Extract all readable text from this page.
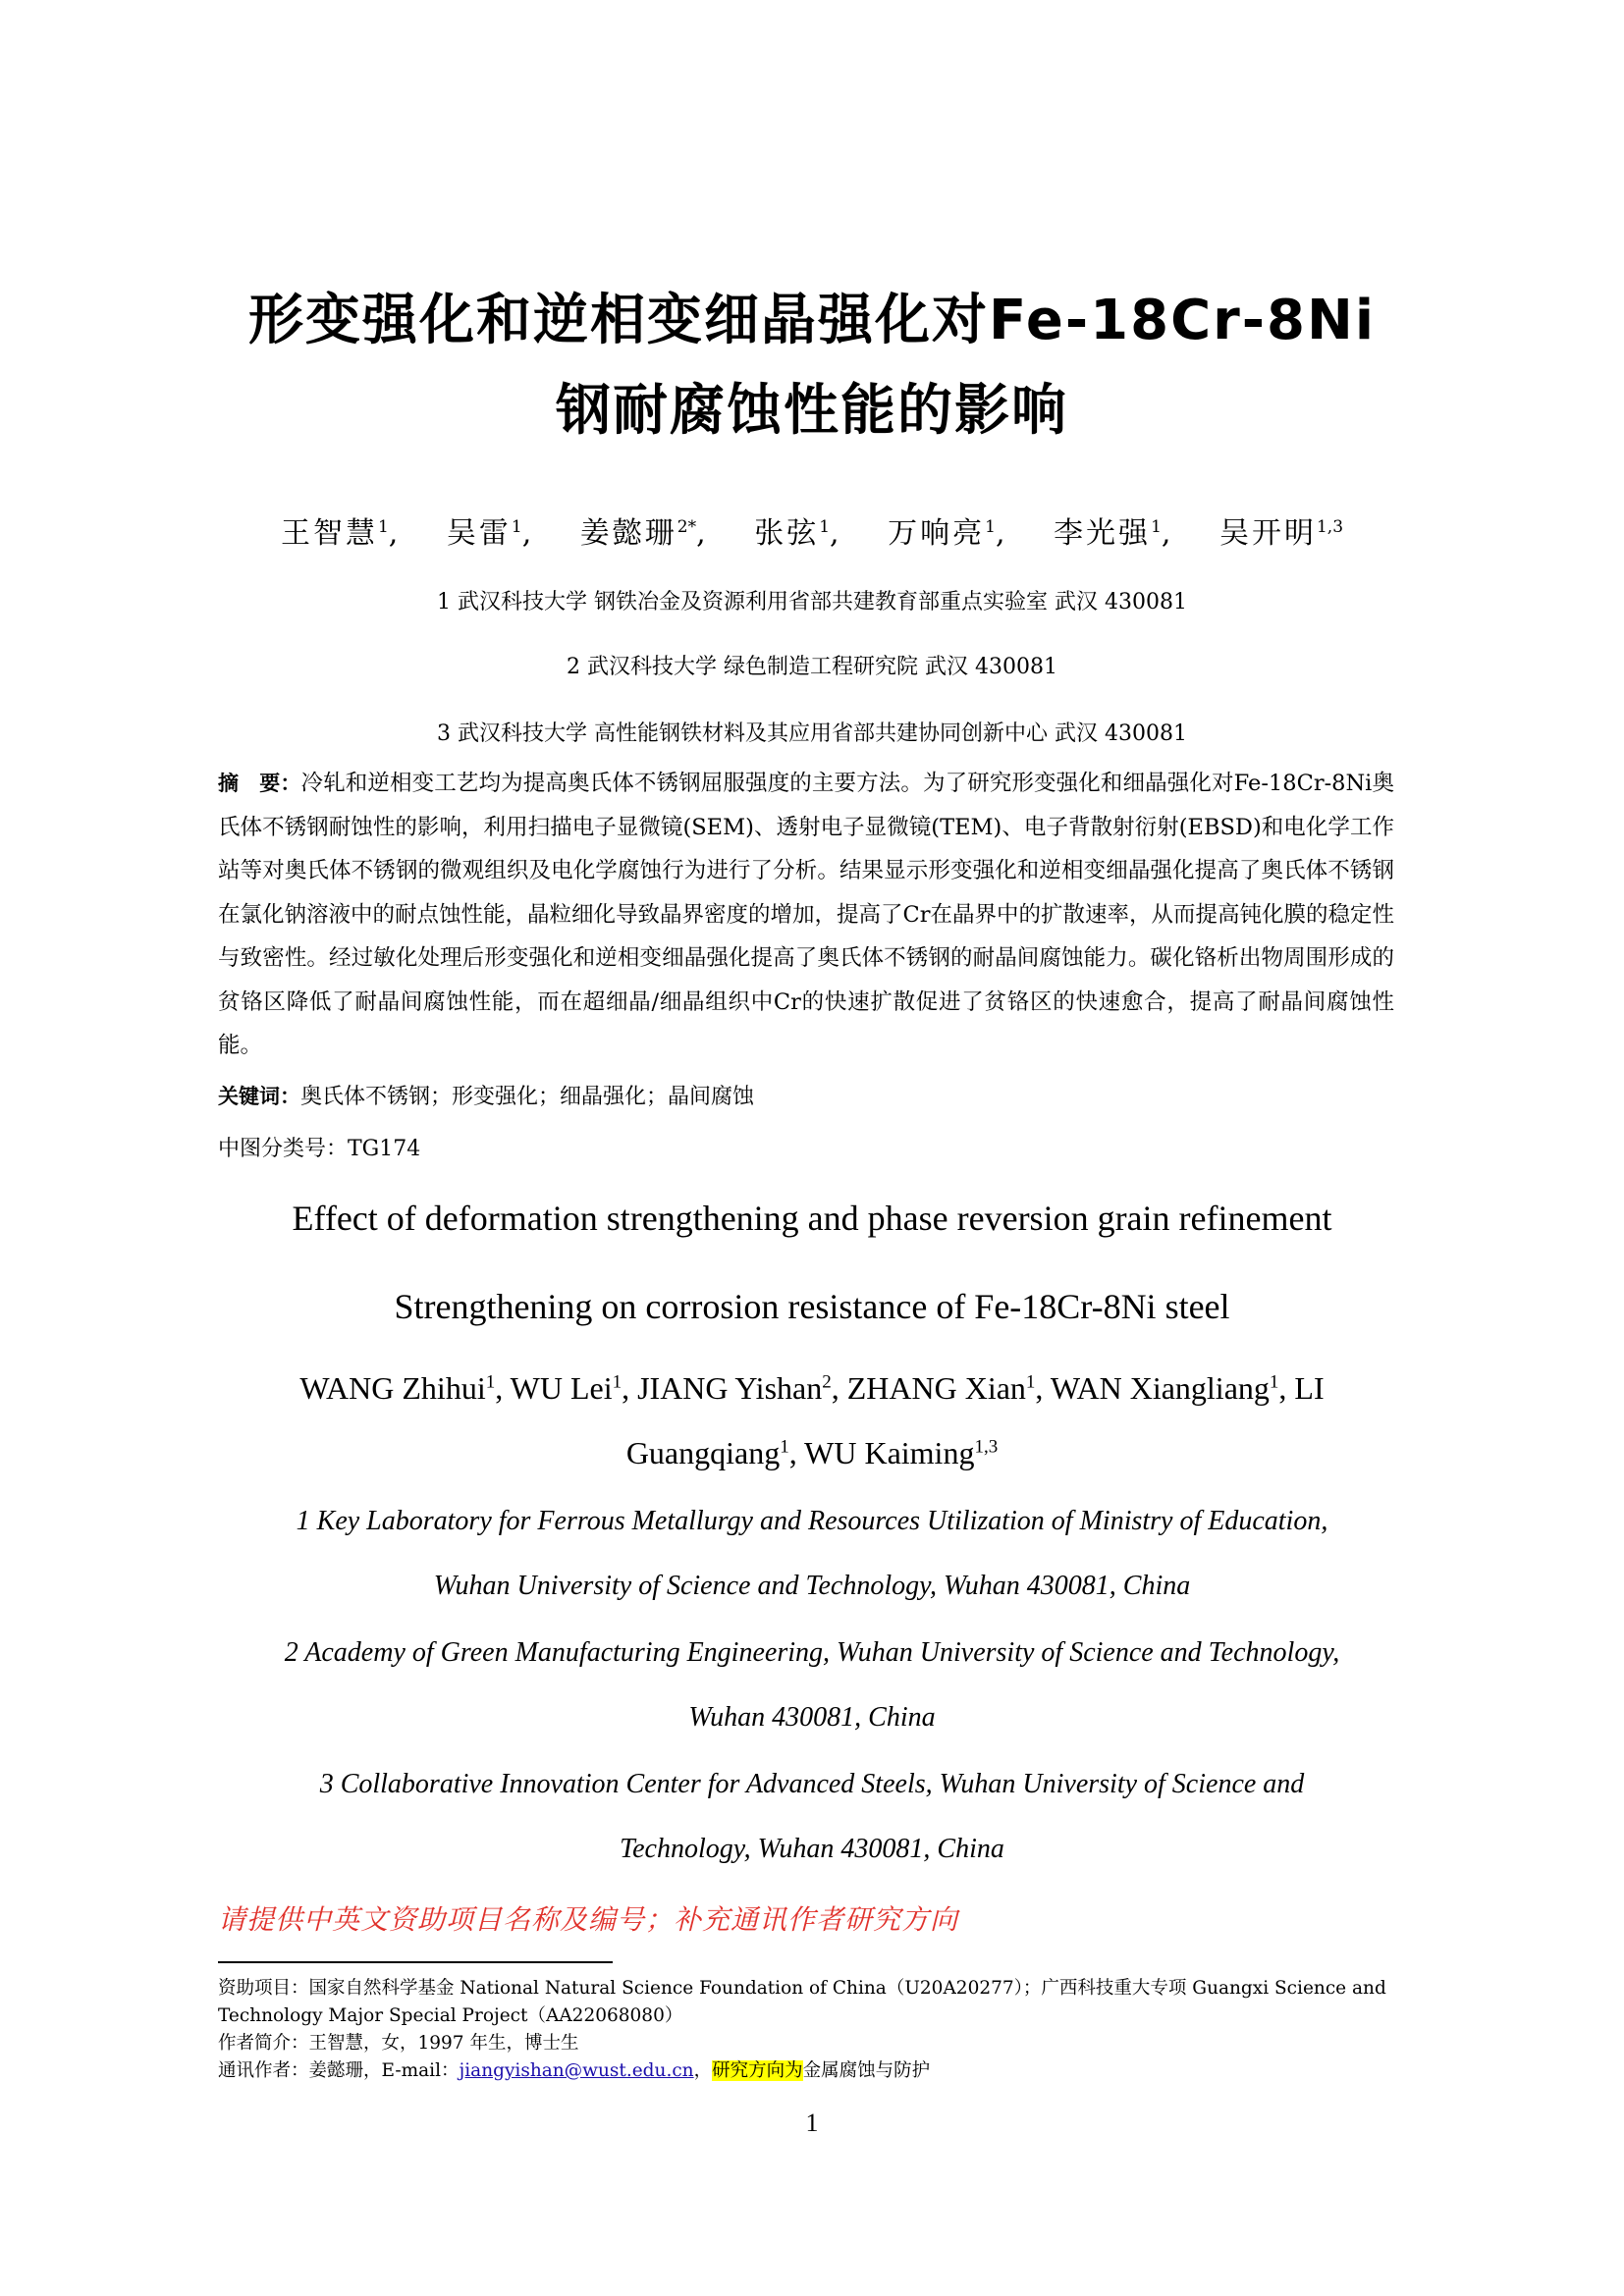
形变强化和逆相变细晶强化对Fe-18Cr-8Ni
钢耐腐蚀性能的影响
王智慧$^1$, 吴雷$^1$, 姜懿珊$^{2*}$, 张弦$^1$, 万响亮$^1$, 李光强$^1$, 吴开明$^{1,3}$
1 武汉科技大学 钢铁冶金及资源利用省部共建教育部重点实验室 武汉 430081
2 武汉科技大学 绿色制造工程研究院 武汉 430081
3 武汉科技大学 高性能钢铁材料及其应用省部共建协同创新中心 武汉 430081
摘　要：冷轧和逆相变工艺均为提高奥氏体不锈钢屈服强度的主要方法。为了研究形变强化和细晶强化对Fe-18Cr-8Ni奥氏体不锈钢耐蚀性的影响，利用扫描电子显微镜(SEM)、透射电子显微镜(TEM)、电子背散射衍射(EBSD)和电化学工作站等对奥氏体不锈钢的微观组织及电化学腐蚀行为进行了分析。结果显示形变强化和逆相变细晶强化提高了奥氏体不锈钢在氯化钠溶液中的耐点蚀性能，晶粒细化导致晶界密度的增加，提高了Cr在晶界中的扩散速率，从而提高钝化膜的稳定性与致密性。经过敏化处理后形变强化和逆相变细晶强化提高了奥氏体不锈钢的耐晶间腐蚀能力。碳化铬析出物周围形成的贫铬区降低了耐晶间腐蚀性能，而在超细晶/细晶组织中Cr的快速扩散促进了贫铬区的快速愈合，提高了耐晶间腐蚀性能。
关键词：奥氏体不锈钢；形变强化；细晶强化；晶间腐蚀
中图分类号：TG174
Effect of deformation strengthening and phase reversion grain refinement
Strengthening on corrosion resistance of Fe-18Cr-8Ni steel
WANG Zhihui$^1$, WU Lei$^1$, JIANG Yishan$^2$, ZHANG Xian$^1$, WAN Xiangliang$^1$, LI
Guangqiang$^1$, WU Kaiming$^{1,3}$
1 Key Laboratory for Ferrous Metallurgy and Resources Utilization of Ministry of Education,
Wuhan University of Science and Technology, Wuhan 430081, China
2 Academy of Green Manufacturing Engineering, Wuhan University of Science and Technology,
Wuhan 430081, China
3 Collaborative Innovation Center for Advanced Steels, Wuhan University of Science and
Technology, Wuhan 430081, China
请提供中英文资助项目名称及编号；补充通讯作者研究方向
资助项目：国家自然科学基金 National Natural Science Foundation of China（U20A20277）；广西科技重大专项 Guangxi Science and Technology Major Special Project（AA22068080）
作者简介：王智慧，女，1997 年生，博士生
通讯作者：姜懿珊，E-mail：jiangyishan@wust.edu.cn，研究方向为金属腐蚀与防护
1
